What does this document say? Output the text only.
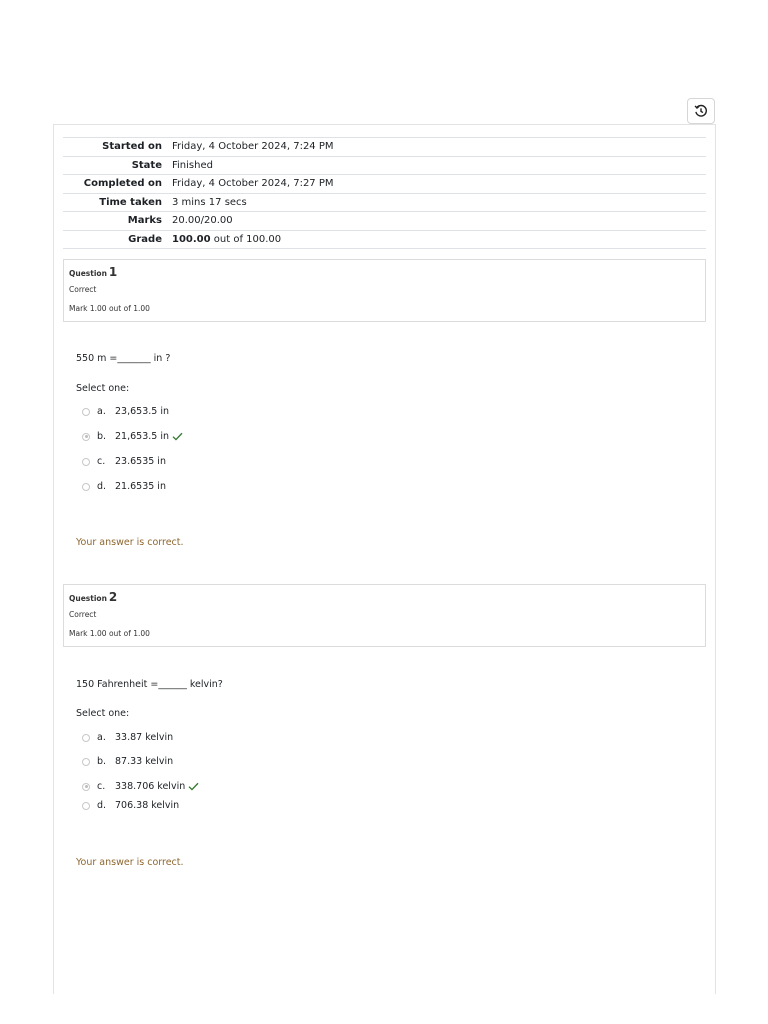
Started on	Friday, 4 October 2024, 7:24 PM
State	Finished
Completed on	Friday, 4 October 2024, 7:27 PM
Time taken	3 mins 17 secs
Marks	20.00/20.00
Grade	100.00 out of 100.00
Question 1
Correct
Mark 1.00 out of 1.00
550 m =_______ in ?
Select one:
a. 23,653.5 in
b. 21,653.5 in
c.	23.6535 in
d. 21.6535 in
Your answer is correct.
Question 2
Correct
Mark 1.00 out of 1.00
150 Fahrenheit =______ kelvin?
Select one:
a. 33.87 kelvin
b. 87.33 kelvin
c.	338.706 kelvin
d. 706.38 kelvin
Your answer is correct.
